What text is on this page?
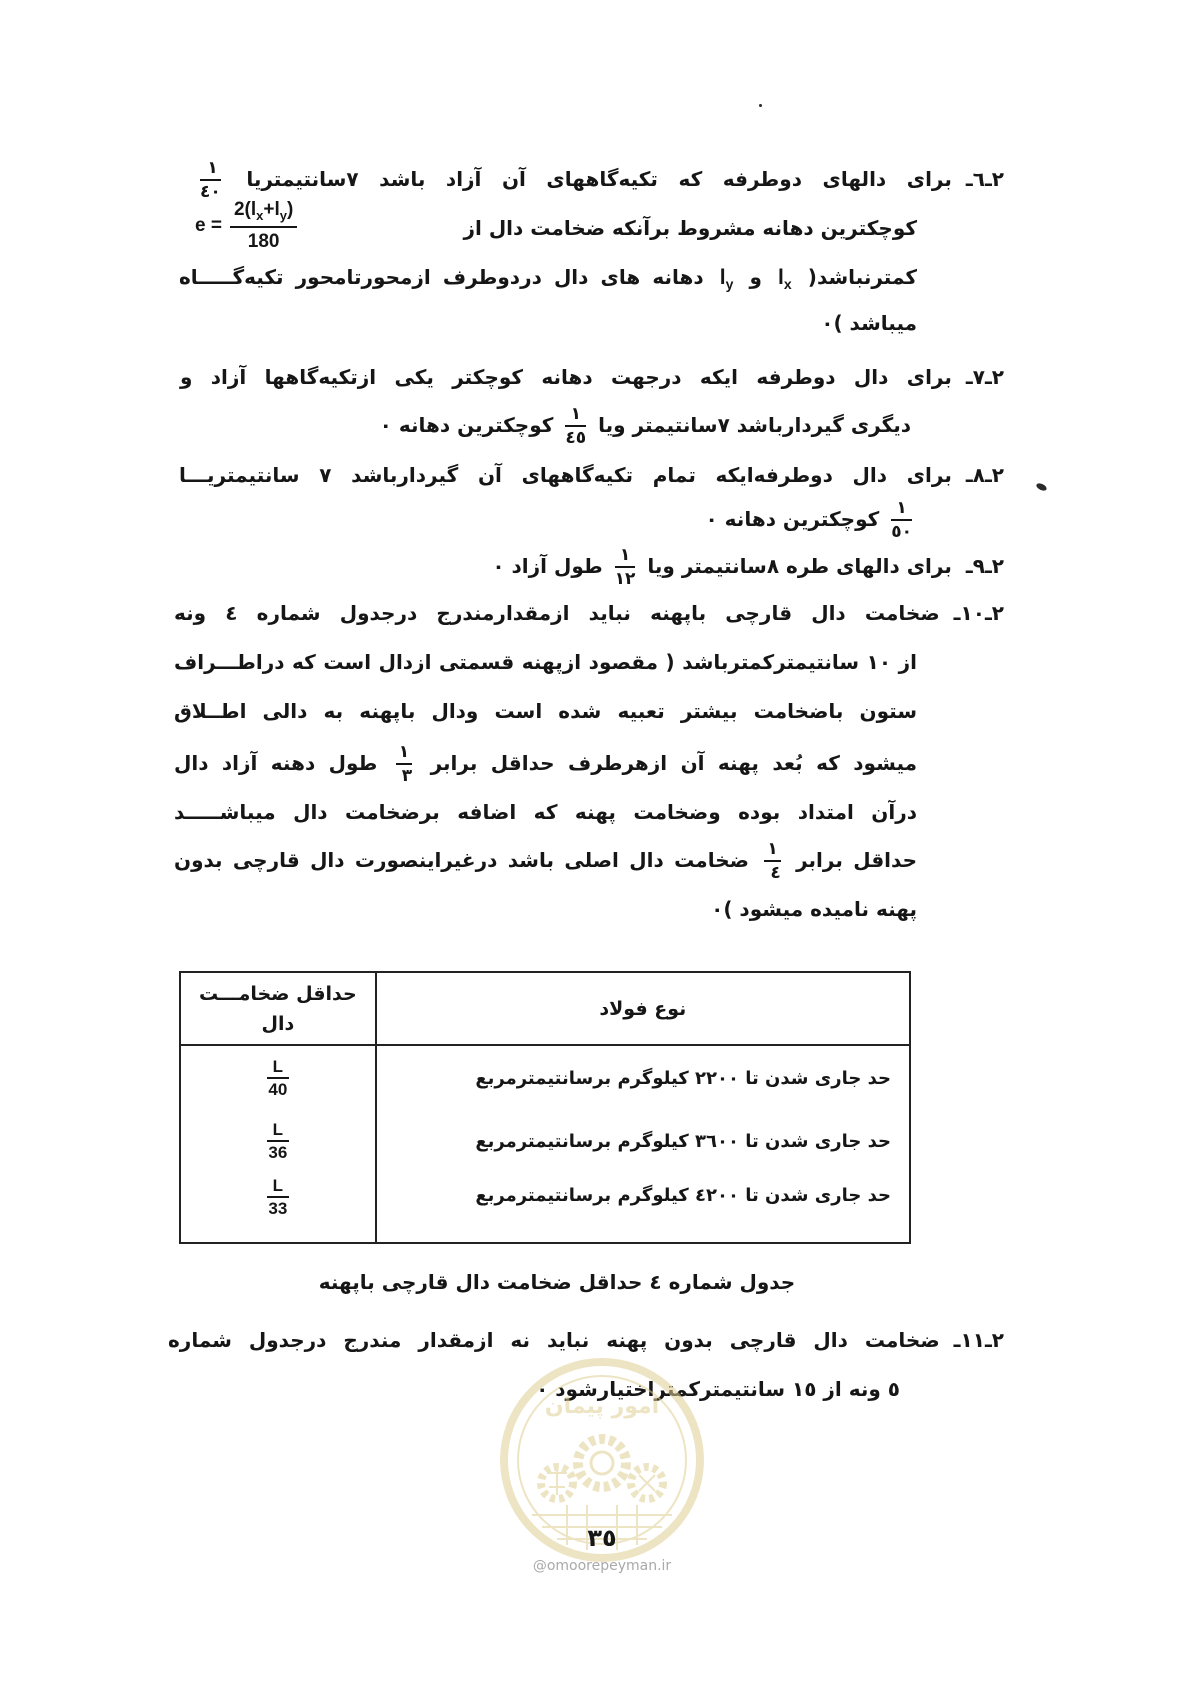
٢ـ٦ـ
برای دالهای دوطرفه که تکیه‌گاههای آن آزاد باشد ٧سانتیمتریا
$\frac{١}{٤٠}$
کوچکترین دهانه مشروط برآنکه ضخامت دال از
$e = \frac{2(l_x+l_y)}{180}$
کمترنباشد( $l_x$ و $l_y$ دهانه های دال دردوطرف ازمحورتامحور تکیه‌گـــــاه
میباشد )٠
٢ـ٧ـ
برای دال دوطرفه ایکه درجهت دهانه کوچکتر یکی ازتکیه‌گاهها آزاد و
دیگری گیردارباشد ٧سانتیمتر ویا
$\frac{١}{٤٥}$
کوچکترین دهانه ٠
٢ـ٨ـ
برای دال دوطرفه‌ایکه تمام تکیه‌گاههای آن گیردارباشد ٧ سانتیمتریـــا
$\frac{١}{٥٠}$
کوچکترین دهانه ٠
٢ـ٩ـ
برای دالهای طره ٨سانتیمتر ویا
$\frac{١}{١٢}$
طول آزاد ٠
٢ـ١٠ـ
ضخامت دال قارچی باپهنه نباید ازمقدارمندرج درجدول شماره ٤ ونه
از ١٠ سانتیمترکمترباشد ( مقصود ازپهنه قسمتی ازدال است که دراطـــراف
ستون باضخامت بیشتر تعبیه شده است ودال باپهنه به دالی اطــلاق
میشود که بُعد پهنه آن ازهرطرف حداقل برابر
$\frac{١}{٣}$
طول دهنه آزاد دال
درآن امتداد بوده وضخامت پهنه که اضافه برضخامت دال میباشـــــد
حداقل برابر
$\frac{١}{٤}$
ضخامت دال اصلی باشد درغیراینصورت دال قارچی بدون
پهنه نامیده میشود )٠
نوع فولاد	حداقل ضخامـــت
دال

حد جاری شدن تا ٢٢٠٠ کیلوگرم برسانتیمترمربع	$\frac{L}{40}$

حد جاری شدن تا ٣٦٠٠ کیلوگرم برسانتیمترمربع	$\frac{L}{36}$

حد جاری شدن تا ٤٢٠٠ کیلوگرم برسانتیمترمربع	$\frac{L}{33}$
جدول شماره ٤ حداقل ضخامت دال قارچی باپهنه
٢ـ١١ـ
ضخامت دال قارچی بدون پهنه نباید نه ازمقدار مندرج درجدول شماره
٥ ونه از ١٥ سانتیمترکمتراختیارشود ٠
امور پیمان
٣٥
@omoorepeyman.ir
